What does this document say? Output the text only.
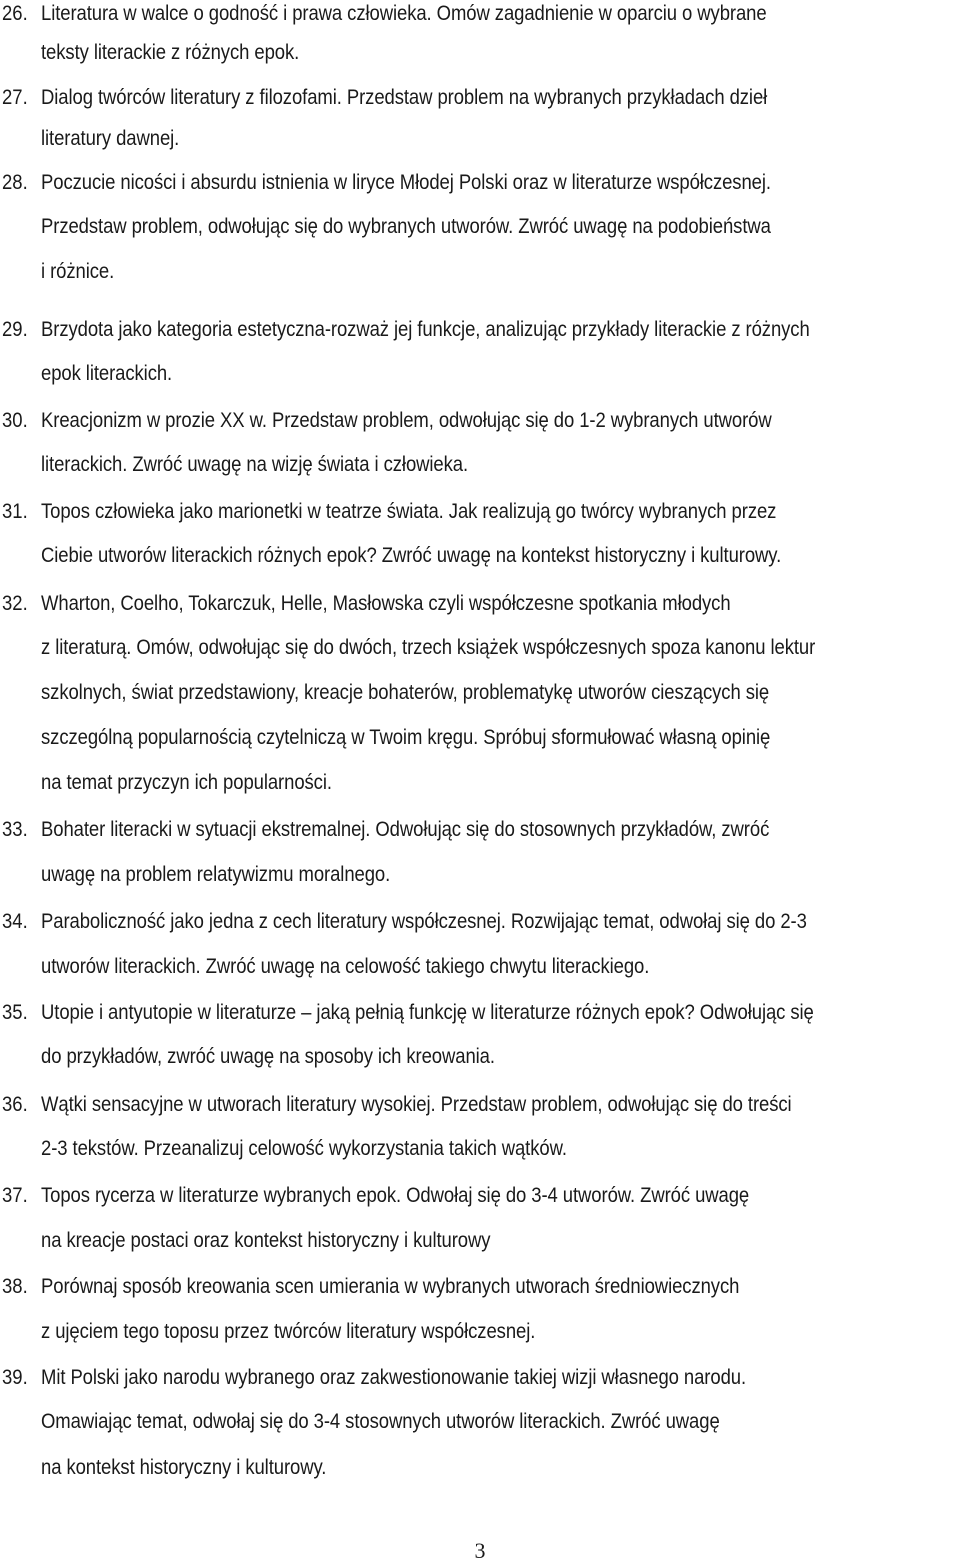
26. Literatura w walce o godność i prawa człowieka. Omów zagadnienie w oparciu o wybrane
teksty literackie z różnych epok.
27. Dialog twórców literatury z filozofami. Przedstaw problem na wybranych przykładach dzieł
literatury dawnej.
28. Poczucie nicości i absurdu istnienia w liryce Młodej Polski oraz w literaturze współczesnej.
Przedstaw problem, odwołując się do wybranych utworów. Zwróć uwagę na podobieństwa
i różnice.
29. Brzydota jako kategoria estetyczna-rozważ jej funkcje, analizując przykłady literackie z różnych
epok literackich.
30. Kreacjonizm w prozie XX w. Przedstaw problem, odwołując się do 1-2 wybranych utworów
literackich. Zwróć uwagę na wizję świata i człowieka.
31. Topos człowieka jako marionetki w teatrze świata. Jak realizują go twórcy wybranych przez
Ciebie utworów literackich różnych epok? Zwróć uwagę na kontekst historyczny i kulturowy.
32. Wharton, Coelho, Tokarczuk, Helle, Masłowska czyli współczesne spotkania młodych
z literaturą. Omów, odwołując się do dwóch, trzech książek współczesnych spoza kanonu lektur
szkolnych, świat przedstawiony, kreacje bohaterów, problematykę utworów cieszących się
szczególną popularnością czytelniczą w Twoim kręgu. Spróbuj sformułować własną opinię
na temat przyczyn ich popularności.
33. Bohater literacki w sytuacji ekstremalnej. Odwołując się do stosownych przykładów, zwróć
uwagę na problem relatywizmu moralnego.
34. Paraboliczność jako jedna z cech literatury współczesnej. Rozwijając temat, odwołaj się do 2-3
utworów literackich. Zwróć uwagę na celowość takiego chwytu literackiego.
35. Utopie i antyutopie w literaturze – jaką pełnią funkcję w literaturze różnych epok? Odwołując się
do przykładów, zwróć uwagę na sposoby ich kreowania.
36. Wątki sensacyjne w utworach literatury wysokiej. Przedstaw problem, odwołując się do treści
2-3 tekstów. Przeanalizuj celowość wykorzystania takich wątków.
37. Topos rycerza w literaturze wybranych epok. Odwołaj się do 3-4 utworów. Zwróć uwagę
na kreacje postaci oraz kontekst historyczny i kulturowy
38. Porównaj sposób kreowania scen umierania w wybranych utworach średniowiecznych
z ujęciem tego toposu przez twórców literatury współczesnej.
39. Mit Polski jako narodu wybranego oraz zakwestionowanie takiej wizji własnego narodu.
Omawiając temat, odwołaj się do 3-4 stosownych utworów literackich. Zwróć uwagę
na kontekst historyczny i kulturowy.
3
